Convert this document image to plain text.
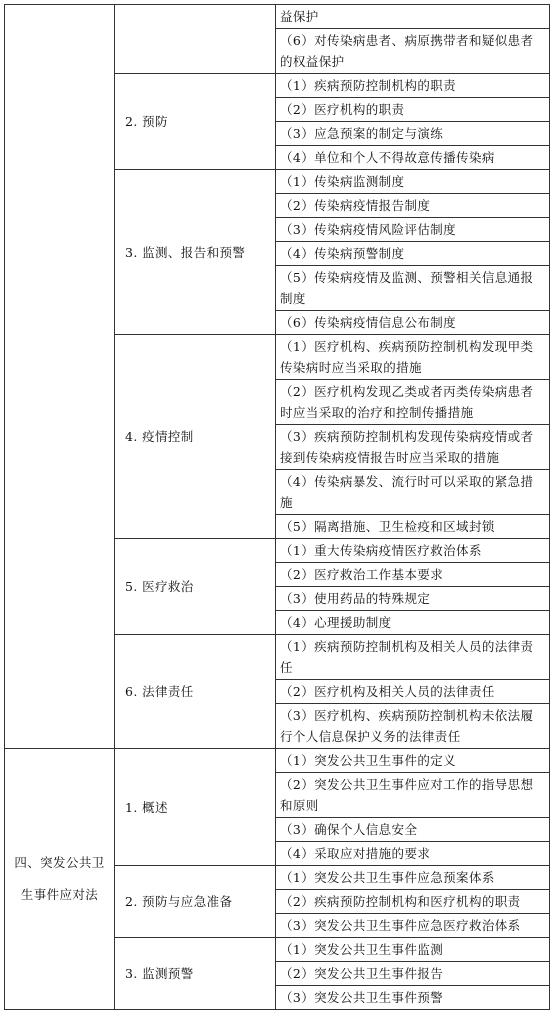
		益保护
		（6）对传染病患者、病原携带者和疑似患者的权益保护
	2. 预防	（1）疾病预防控制机构的职责
		（2）医疗机构的职责
		（3）应急预案的制定与演练
		（4）单位和个人不得故意传播传染病
	3. 监测、报告和预警	（1）传染病监测制度
		（2）传染病疫情报告制度
		（3）传染病疫情风险评估制度
		（4）传染病预警制度
		（5）传染病疫情及监测、预警相关信息通报制度
		（6）传染病疫情信息公布制度
	4. 疫情控制	（1）医疗机构、疾病预防控制机构发现甲类传染病时应当采取的措施
		（2）医疗机构发现乙类或者丙类传染病患者时应当采取的治疗和控制传播措施
		（3）疾病预防控制机构发现传染病疫情或者接到传染病疫情报告时应当采取的措施
		（4）传染病暴发、流行时可以采取的紧急措施
		（5）隔离措施、卫生检疫和区域封锁
	5. 医疗救治	（1）重大传染病疫情医疗救治体系
		（2）医疗救治工作基本要求
		（3）使用药品的特殊规定
		（4）心理援助制度
	6. 法律责任	（1）疾病预防控制机构及相关人员的法律责任
		（2）医疗机构及相关人员的法律责任
		（3）医疗机构、疾病预防控制机构未依法履行个人信息保护义务的法律责任
四、突发公共卫生事件应对法	1. 概述	（1）突发公共卫生事件的定义
		（2）突发公共卫生事件应对工作的指导思想和原则
		（3）确保个人信息安全
		（4）采取应对措施的要求
	2. 预防与应急准备	（1）突发公共卫生事件应急预案体系
		（2）疾病预防控制机构和医疗机构的职责
		（3）突发公共卫生事件应急医疗救治体系
	3. 监测预警	（1）突发公共卫生事件监测
		（2）突发公共卫生事件报告
		（3）突发公共卫生事件预警
